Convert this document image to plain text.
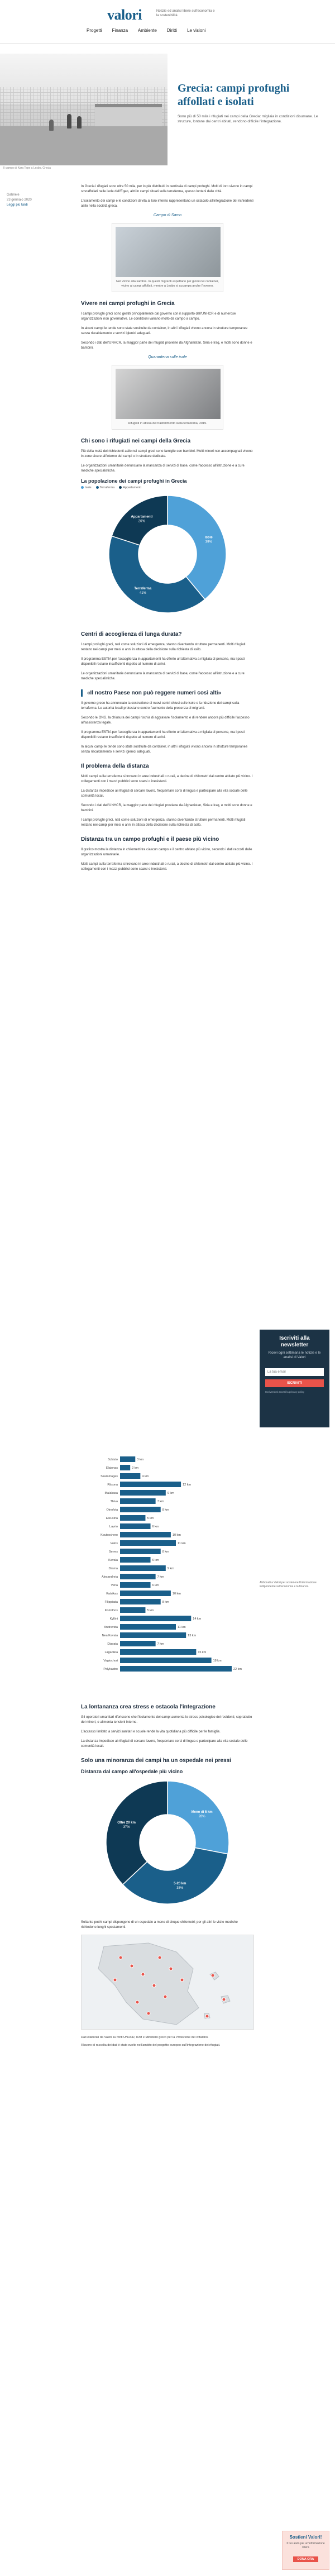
valori	Notizie ed analisi libere sull'economia e la sostenibilità
Progetti Finanza Ambiente Diritti Le visioni
Il campo di Kara Tepe a Lesbo, Grecia
Grecia: campi profughi affollati e isolati

Sono più di 50 mila i rifugiati nei campi della Grecia: migliaia in condizioni disumane. Le strutture, lontane dai centri abitati, rendono difficile l'integrazione.

Gabriele
23 gennaio 2020
Leggi più tardi

In Grecia i rifugiati sono oltre 50 mila, per lo più distribuiti in centinaia di campi profughi. Molti di loro vivono in campi sovraffollati nelle isole dell'Egeo, altri in campi situati sulla terraferma, spesso lontani dalle città.

L'isolamento dei campi e le condizioni di vita al loro interno rappresentano un ostacolo all'integrazione dei richiedenti asilo nella società greca.

Campo di Samo
Nel Vicino alla sardina. In questi migranti aspettano per giorni nei container, vicino ai campi affollati, mentre a Lesbo si accampa anche l'inverno.
Vivere nei campi profughi in Grecia

I campi profughi greci sono gestiti principalmente dal governo con il supporto dell'UNHCR e di numerose organizzazioni non governative. Le condizioni variano molto da campo a campo.

In alcuni campi le tende sono state sostituite da container, in altri i rifugiati vivono ancora in strutture temporanee senza riscaldamento e servizi igienici adeguati.

Secondo i dati dell'UNHCR, la maggior parte dei rifugiati proviene da Afghanistan, Siria e Iraq, e molti sono donne e bambini.

Quarantena sulle isole
Rifugiati in attesa del trasferimento sulla terraferma, 2019.
Chi sono i rifugiati nei campi della Grecia

Più della metà dei richiedenti asilo nei campi greci sono famiglie con bambini. Molti minori non accompagnati vivono in zone sicure all'interno dei campi o in strutture dedicate.

Le organizzazioni umanitarie denunciano la mancanza di servizi di base, come l'accesso all'istruzione e a cure mediche specialistiche.

La popolazione dei campi profughi in Grecia
Isole	Terraferma	Appartamenti
Isole
39%
Terraferma
41%
Appartamenti
20%
Centri di accoglienza di lunga durata?

I campi profughi greci, nati come soluzioni di emergenza, stanno diventando strutture permanenti. Molti rifugiati restano nei campi per mesi o anni in attesa della decisione sulla richiesta di asilo.

Il programma ESTIA per l'accoglienza in appartamenti ha offerto un'alternativa a migliaia di persone, ma i posti disponibili restano insufficienti rispetto al numero di arrivi.

Le organizzazioni umanitarie denunciano la mancanza di servizi di base, come l'accesso all'istruzione e a cure mediche specialistiche.

«Il nostro Paese non può reggere numeri così alti»

Il governo greco ha annunciato la costruzione di nuovi centri chiusi sulle isole e la riduzione dei campi sulla terraferma. Le autorità locali protestano contro l'aumento della presenza di migranti.

Secondo le ONG, la chiusura dei campi rischia di aggravare l'isolamento e di rendere ancora più difficile l'accesso all'assistenza legale.

Il programma ESTIA per l'accoglienza in appartamenti ha offerto un'alternativa a migliaia di persone, ma i posti disponibili restano insufficienti rispetto al numero di arrivi.

In alcuni campi le tende sono state sostituite da container, in altri i rifugiati vivono ancora in strutture temporanee senza riscaldamento e servizi igienici adeguati.

Il problema della distanza

Molti campi sulla terraferma si trovano in aree industriali o rurali, a decine di chilometri dal centro abitato più vicino. I collegamenti con i mezzi pubblici sono scarsi o inesistenti.

La distanza impedisce ai rifugiati di cercare lavoro, frequentare corsi di lingua e partecipare alla vita sociale delle comunità locali.

Secondo i dati dell'UNHCR, la maggior parte dei rifugiati proviene da Afghanistan, Siria e Iraq, e molti sono donne e bambini.

I campi profughi greci, nati come soluzioni di emergenza, stanno diventando strutture permanenti. Molti rifugiati restano nei campi per mesi o anni in attesa della decisione sulla richiesta di asilo.

Distanza tra un campo profughi e il paese più vicino

Il grafico mostra la distanza in chilometri tra ciascun campo e il centro abitato più vicino, secondo i dati raccolti dalle organizzazioni umanitarie.

Molti campi sulla terraferma si trovano in aree industriali o rurali, a decine di chilometri dal centro abitato più vicino. I collegamenti con i mezzi pubblici sono scarsi o inesistenti.

Schisto	3 km
Elaionas	2 km
Skaramagas	4 km
Ritsona	12 km
Malakasa	9 km
Thiva	7 km
Oinofyta	8 km
Eleusina	5 km
Lavrio	6 km
Koutsochero	10 km
Volos	11 km
Serres	8 km
Kavala	6 km
Drama	9 km
Alexandreia	7 km
Veria	6 km
Katsikas	10 km
Filippiada	8 km
Korinthos	5 km
Kyllini	14 km
Andravida	11 km
Nea Kavala	13 km
Diavata	7 km
Lagadikia	15 km
Vagiochori	18 km
Polykastro	22 km
La lontananza crea stress e ostacola l'integrazione

Gli operatori umanitari riferiscono che l'isolamento dei campi aumenta lo stress psicologico dei residenti, soprattutto dei minori, e alimenta tensioni interne.

L'accesso limitato a servizi sanitari e scuole rende la vita quotidiana più difficile per le famiglie.

La distanza impedisce ai rifugiati di cercare lavoro, frequentare corsi di lingua e partecipare alla vita sociale delle comunità locali.

Solo una minoranza dei campi ha un ospedale nei pressi
Distanza dal campo all'ospedale più vicino
Meno di 5 km
28%
5-20 km
35%
Oltre 20 km
37%

Soltanto pochi campi dispongono di un ospedale a meno di cinque chilometri; per gli altri le visite mediche richiedono lunghi spostamenti.

Dati elaborati da Valori su fonti UNHCR, IOM e Ministero greco per la Protezione del cittadino.

Il lavoro di raccolta dei dati è stato svolto nell'ambito del progetto europeo sull'integrazione dei rifugiati.

Iscriviti alla newsletter
Ricevi ogni settimana le notizie e le analisi di Valori
La tua email
ISCRIVITI
Iscrivendoti accetti la privacy policy
Abbonati a Valori per sostenere l'informazione indipendente sull'economia e la finanza.
Sostieni Valori!
Il tuo aiuto per un'informazione libera
DONA ORA
